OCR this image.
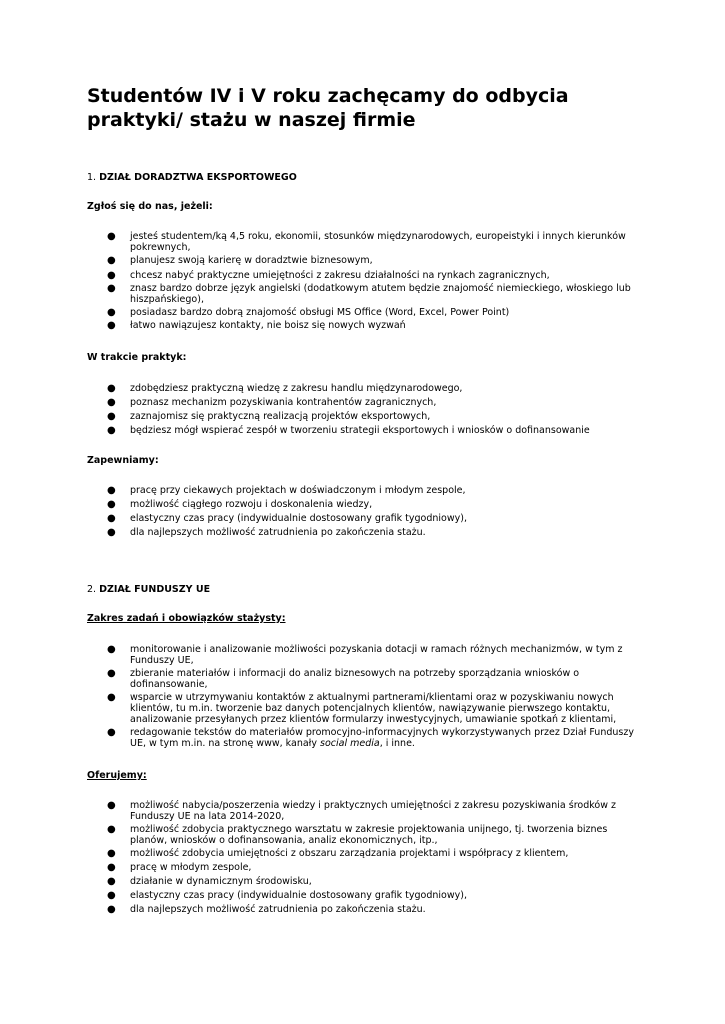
Studentów IV i V roku zachęcamy do odbycia praktyki/ stażu w naszej firmie
1. DZIAŁ DORADZTWA EKSPORTOWEGO
Zgłoś się do nas, jeżeli:
● jesteś studentem/ką 4,5 roku, ekonomii, stosunków międzynarodowych, europeistyki i innych kierunków pokrewnych,
● planujesz swoją karierę w doradztwie biznesowym,
● chcesz nabyć praktyczne umiejętności z zakresu działalności na rynkach zagranicznych,
● znasz bardzo dobrze język angielski (dodatkowym atutem będzie znajomość niemieckiego, włoskiego lub hiszpańskiego),
● posiadasz bardzo dobrą znajomość obsługi MS Office (Word, Excel, Power Point)
● łatwo nawiązujesz kontakty, nie boisz się nowych wyzwań
W trakcie praktyk:
● zdobędziesz praktyczną wiedzę z zakresu handlu międzynarodowego,
● poznasz mechanizm pozyskiwania kontrahentów zagranicznych,
● zaznajomisz się praktyczną realizacją projektów eksportowych,
● będziesz mógł wspierać zespół w tworzeniu strategii eksportowych i wniosków o dofinansowanie
Zapewniamy:
● pracę przy ciekawych projektach w doświadczonym i młodym zespole,
● możliwość ciągłego rozwoju i doskonalenia wiedzy,
● elastyczny czas pracy (indywidualnie dostosowany grafik tygodniowy),
● dla najlepszych możliwość zatrudnienia po zakończenia stażu.
2. DZIAŁ FUNDUSZY UE
Zakres zadań i obowiązków stażysty:
● monitorowanie i analizowanie możliwości pozyskania dotacji w ramach różnych mechanizmów, w tym z Funduszy UE,
● zbieranie materiałów i informacji do analiz biznesowych na potrzeby sporządzania wniosków o dofinansowanie,
● wsparcie w utrzymywaniu kontaktów z aktualnymi partnerami/klientami oraz w pozyskiwaniu nowych klientów, tu m.in. tworzenie baz danych potencjalnych klientów, nawiązywanie pierwszego kontaktu, analizowanie przesyłanych przez klientów formularzy inwestycyjnych, umawianie spotkań z klientami,
● redagowanie tekstów do materiałów promocyjno-informacyjnych wykorzystywanych przez Dział Funduszy UE, w tym m.in. na stronę www, kanały social media, i inne.
Oferujemy:
● możliwość nabycia/poszerzenia wiedzy i praktycznych umiejętności z zakresu pozyskiwania środków z Funduszy UE na lata 2014-2020,
● możliwość zdobycia praktycznego warsztatu w zakresie projektowania unijnego, tj. tworzenia biznes planów, wniosków o dofinansowania, analiz ekonomicznych, itp.,
● możliwość zdobycia umiejętności z obszaru zarządzania projektami i współpracy z klientem,
● pracę w młodym zespole,
● działanie w dynamicznym środowisku,
● elastyczny czas pracy (indywidualnie dostosowany grafik tygodniowy),
● dla najlepszych możliwość zatrudnienia po zakończenia stażu.
